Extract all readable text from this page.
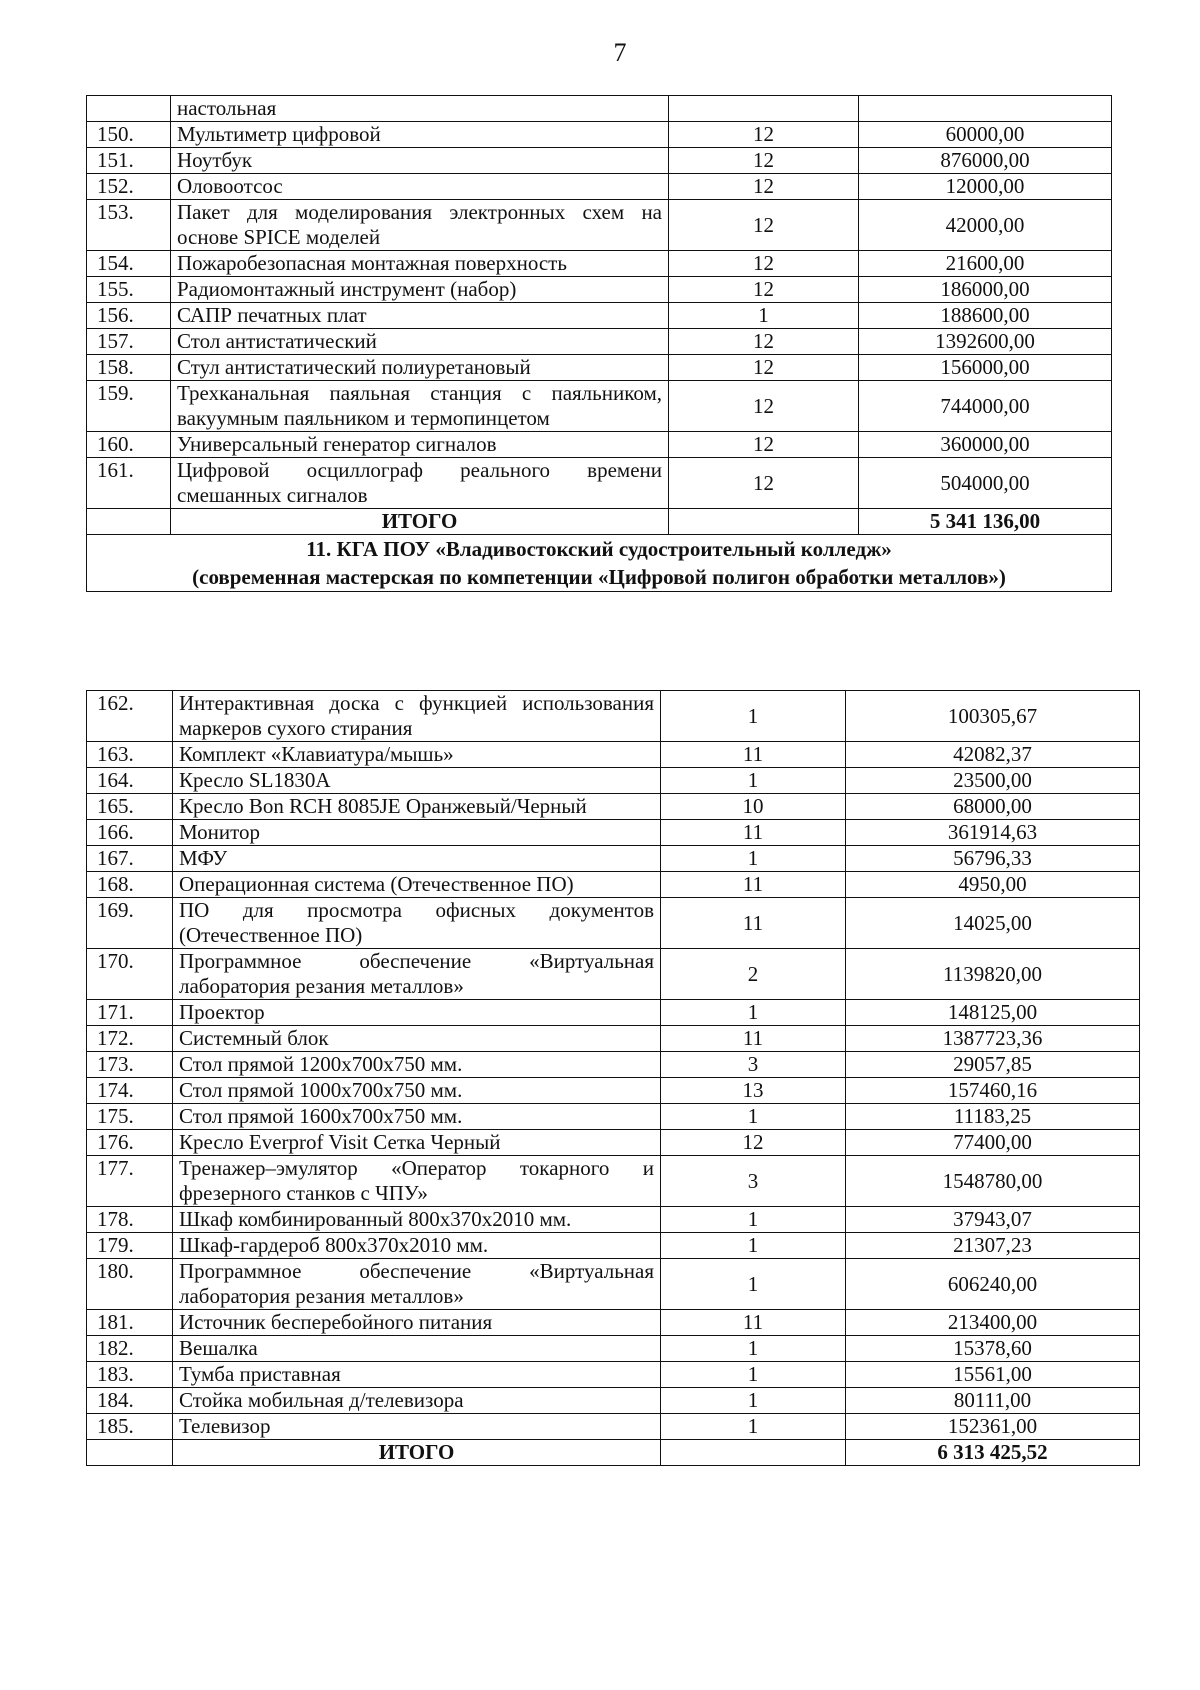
7
	настольная		
150.	Мультиметр цифровой	12	60000,00
151.	Ноутбук	12	876000,00
152.	Оловоотсос	12	12000,00
153.	Пакет для моделирования электронных схем на основе SPICE моделей	12	42000,00
154.	Пожаробезопасная монтажная поверхность	12	21600,00
155.	Радиомонтажный инструмент (набор)	12	186000,00
156.	САПР печатных плат	1	188600,00
157.	Стол антистатический	12	1392600,00
158.	Стул антистатический полиуретановый	12	156000,00
159.	Трехканальная паяльная станция с паяльником, вакуумным паяльником и термопинцетом	12	744000,00
160.	Универсальный генератор сигналов	12	360000,00
161.	Цифровой осциллограф реального времени смешанных сигналов	12	504000,00
	ИТОГО		5 341 136,00

11. КГА ПОУ «Владивостокский судостроительный колледж»
(современная мастерская по компетенции «Цифровой полигон обработки металлов»)			
162.	Интерактивная доска с функцией использования маркеров сухого стирания	1	100305,67
163.	Комплект «Клавиатура/мышь»	11	42082,37
164.	Кресло SL1830A	1	23500,00
165.	Кресло Bon RCH 8085JE Оранжевый/Черный	10	68000,00
166.	Монитор	11	361914,63
167.	МФУ	1	56796,33
168.	Операционная система (Отечественное ПО)	11	4950,00
169.	ПО для просмотра офисных документов (Отечественное ПО)	11	14025,00
170.	Программное обеспечение «Виртуальная лаборатория резания металлов»	2	1139820,00
171.	Проектор	1	148125,00
172.	Системный блок	11	1387723,36
173.	Стол прямой 1200х700х750 мм.	3	29057,85
174.	Стол прямой 1000х700х750 мм.	13	157460,16
175.	Стол прямой 1600х700х750 мм.	1	11183,25
176.	Кресло Everprof Visit Сетка Черный	12	77400,00
177.	Тренажер–эмулятор «Оператор токарного и фрезерного станков с ЧПУ»	3	1548780,00
178.	Шкаф комбинированный 800х370х2010 мм.	1	37943,07
179.	Шкаф-гардероб 800х370х2010 мм.	1	21307,23
180.	Программное обеспечение «Виртуальная лаборатория резания металлов»	1	606240,00
181.	Источник бесперебойного питания	11	213400,00
182.	Вешалка	1	15378,60
183.	Тумба приставная	1	15561,00
184.	Стойка мобильная д/телевизора	1	80111,00
185.	Телевизор	1	152361,00
	ИТОГО		6 313 425,52
